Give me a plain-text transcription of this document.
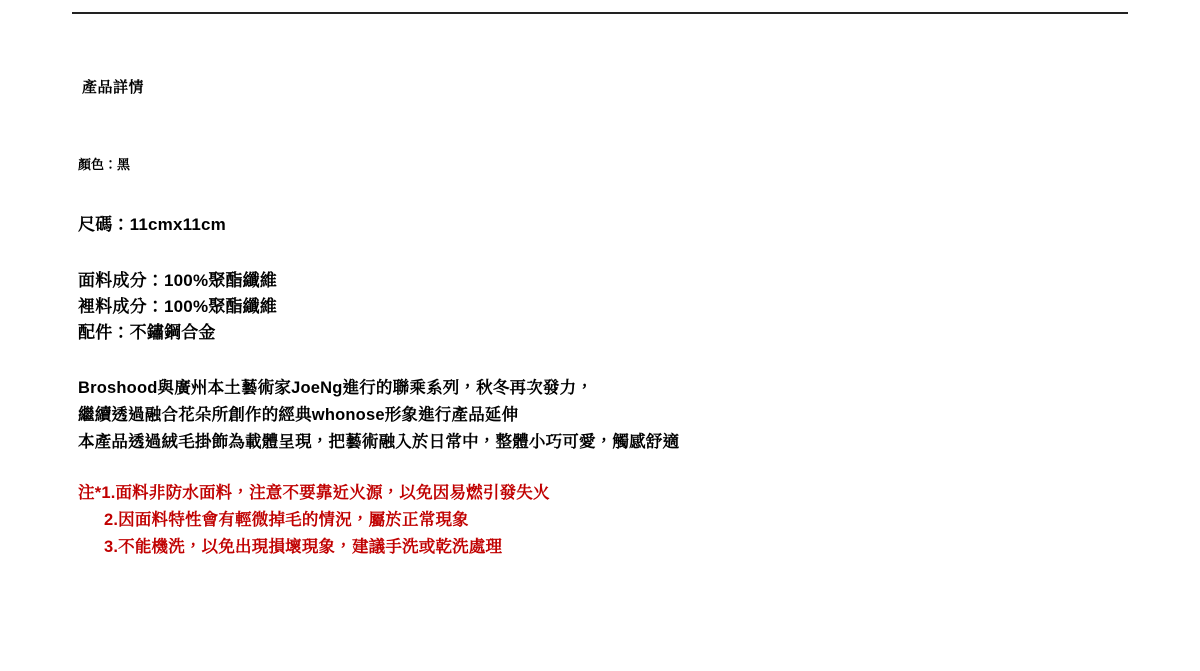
產品詳情

顏色：黑

尺碼：11cmx11cm

面料成分：100%聚酯纖維

裡料成分：100%聚酯纖維

配件：不鏽鋼合金

Broshood與廣州本土藝術家JoeNg進行的聯乘系列，秋冬再次發力，

繼續透過融合花朵所創作的經典whonose形象進行產品延伸

本產品透過絨毛掛飾為載體呈現，把藝術融入於日常中，整體小巧可愛，觸感舒適

注*1.面料非防水面料，注意不要靠近火源，以免因易燃引發失火

2.因面料特性會有輕微掉毛的情況，屬於正常現象

3.不能機洗，以免出現損壞現象，建議手洗或乾洗處理
